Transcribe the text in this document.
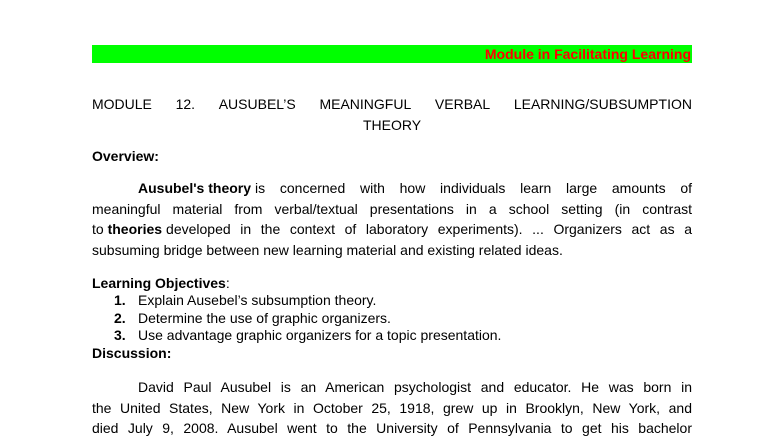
Module in Facilitating Learning
MODULE 12. AUSUBEL’S MEANINGFUL VERBAL LEARNING/SUBSUMPTION
THEORY
Overview:
Ausubel's theory is concerned with how individuals learn large amounts of
meaningful material from verbal/textual presentations in a school setting (in contrast
to theories developed in the context of laboratory experiments). ... Organizers act as a
subsuming bridge between new learning material and existing related ideas.
Learning Objectives:
1. Explain Ausebel’s subsumption theory.
2. Determine the use of graphic organizers.
3. Use advantage graphic organizers for a topic presentation.
Discussion:
David Paul Ausubel is an American psychologist and educator. He was born in
the United States, New York in October 25, 1918, grew up in Brooklyn, New York, and
died July 9, 2008. Ausubel went to the University of Pennsylvania to get his bachelor
